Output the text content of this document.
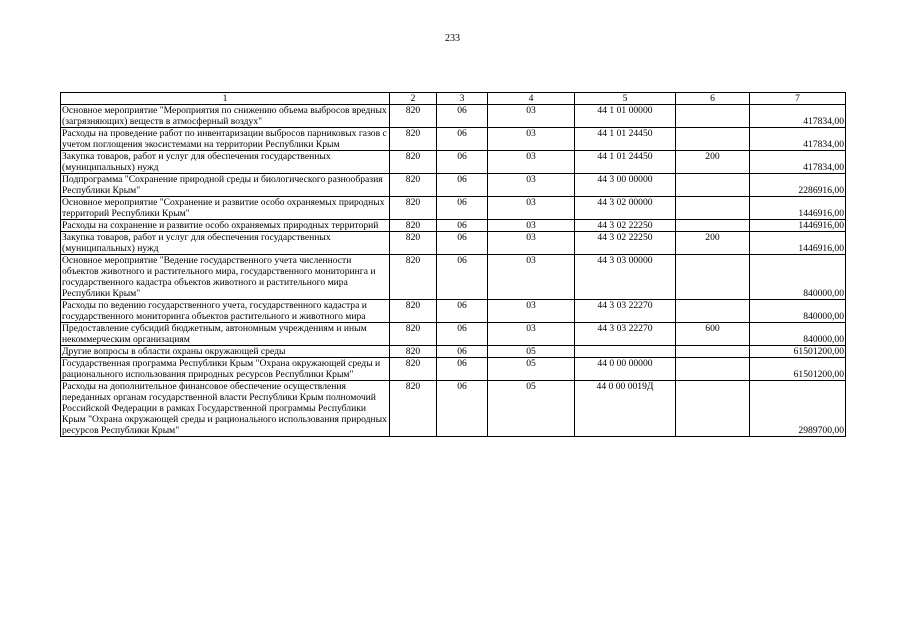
233
1	2	3	4	5	6	7
Основное мероприятие "Мероприятия по снижению объема выбросов вредных (загрязняющих) веществ в атмосферный воздух"	820	06	03	44 1 01 00000		417834,00
Расходы на проведение работ по инвентаризации выбросов парниковых газов с учетом поглощения экосистемами на территории Республики Крым	820	06	03	44 1 01 24450		417834,00
Закупка товаров, работ и услуг для обеспечения государственных (муниципальных) нужд	820	06	03	44 1 01 24450	200	417834,00
Подпрограмма "Сохранение природной среды и биологического разнообразия Республики Крым"	820	06	03	44 3 00 00000		2286916,00
Основное мероприятие "Сохранение и развитие особо охраняемых природных территорий Республики Крым"	820	06	03	44 3 02 00000		1446916,00
Расходы на сохранение и развитие особо охраняемых природных территорий	820	06	03	44 3 02 22250		1446916,00
Закупка товаров, работ и услуг для обеспечения государственных (муниципальных) нужд	820	06	03	44 3 02 22250	200	1446916,00
Основное мероприятие "Ведение государственного учета численности объектов животного и растительного мира, государственного мониторинга и государственного кадастра объектов животного и растительного мира Республики Крым"	820	06	03	44 3 03 00000		840000,00
Расходы по ведению государственного учета, государственного кадастра и государственного мониторинга объектов растительного и животного мира	820	06	03	44 3 03 22270		840000,00
Предоставление субсидий бюджетным, автономным учреждениям и иным некоммерческим организациям	820	06	03	44 3 03 22270	600	840000,00
Другие вопросы в области охраны окружающей среды	820	06	05			61501200,00
Государственная программа Республики Крым "Охрана окружающей среды и рационального использования природных ресурсов Республики Крым"	820	06	05	44 0 00 00000		61501200,00
Расходы на дополнительное финансовое обеспечение осуществления переданных органам государственной власти Республики Крым полномочий Российской Федерации в рамках Государственной программы Республики Крым "Охрана окружающей среды и рационального использования природных ресурсов Республики Крым"	820	06	05	44 0 00 0019Д		2989700,00
